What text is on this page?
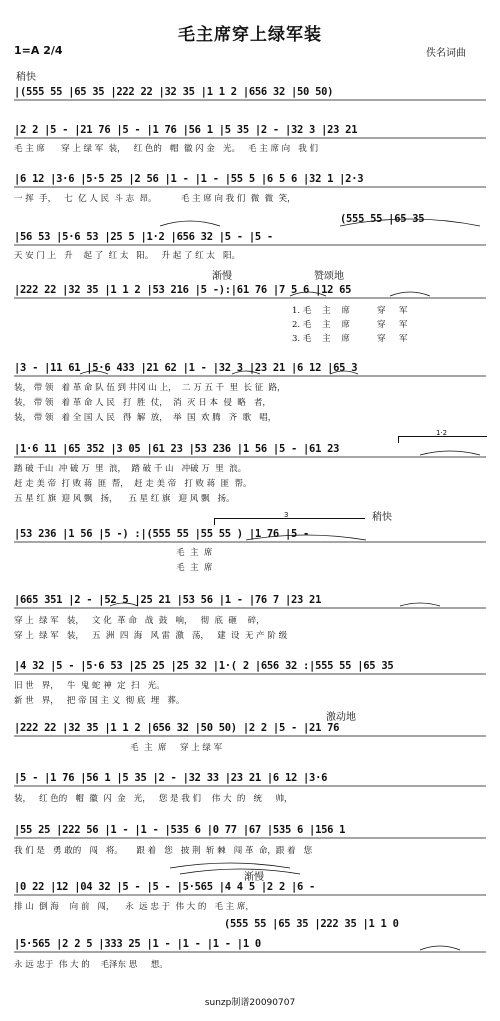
毛主席穿上绿军装
1=A 2/4	佚名词曲
稍快
渐慢	赞颂地
稍快
激动地
渐慢
1·2
3
|(555 55 |65 35 |222 22 |32 35 |1 1 2 |656 32 |50 50)
|2 2 |5 - |21 76 |5 - |1 76 |56 1 |5 35 |2 - |32 3 |23 21
毛 主 席      穿 上 绿 军  装，   红 色的   帽  徽 闪 金   光。   毛 主 席 向   我 们
|6 12 |3·6 |5·5 25 |2 56 |1 - |1 - |55 5 |6 5 6 |32 1 |2·3
一 挥  手，   七  亿 人 民  斗 志  昂。         毛 主 席 向 我 们  微  微  笑，
(555 55 |65 35
|56 53 |5·6 53 |25 5 |1·2 |656 32 |5 - |5 -
天 安 门 上   升    起 了  红 太   阳。   升 起 了 红 太   阳。
|222 22 |32 35 |1 1 2 |53 216 |5 -):|61 76 |7 5 6 |12 65
1. 毛    主    席          穿     军
2. 毛    主    席          穿     军
3. 毛    主    席          穿     军
|3 - |11 61 |5·6 433 |21 62 |1 - |32 3 |23 21 |6 12 |65 3
装， 带 领   着 革 命 队 伍 到 井冈 山 上，  二 万 五 千  里  长 征  路，
装， 带 领   着 革 命 人 民   打  胜  仗，  消  灭 日 本  侵  略   者，
装， 带 领   着 全 国 人 民   得  解  放，  举  国  欢 腾   齐  歌   唱，
|1·6 11 |65 352 |3 05 |61 23 |53 236 |1 56 |5 - |61 23
踏 破 千山  冲 破 万  里  浪，  踏 破 千 山   冲破 万  里  浪。
赶 走 美 帝  打 败 蒋  匪  帮，  赶 走 美 帝   打 败 蒋  匪  帮。
五 星 红 旗  迎 风 飘   扬，    五 星 红 旗   迎 风 飘   扬。
|53 236 |1 56 |5 -) :|(555 55 |55 55 ) |1 76 |5 -
毛  主  席
毛  主  席
|665 351 |2 - |52 5 |25 21 |53 56 |1 - |76 7 |23 21
穿 上  绿 军   装，   文 化  革 命   战  鼓   响，   彻  底  砸    碎，
穿 上  绿 军   装，   五  洲  四  海   风 雷  激   荡，   建  设  无 产 阶 级
|4 32 |5 - |5·6 53 |25 25 |25 32 |1·( 2 |656 32 :|555 55 |65 35
旧 世   界，   牛  鬼 蛇 神  定  扫   光。
新 世   界，   把 帝 国 主 义  彻 底  埋   葬。
|222 22 |32 35 |1 1 2 |656 32 |50 50) |2 2 |5 - |21 76
毛  主  席     穿 上 绿 军
|5 - |1 76 |56 1 |5 35 |2 - |32 33 |23 21 |6 12 |3·6
装，   红 色的   帽  徽  闪  金   光，   您 是 我 们    伟 大  的   统     帅，
|55 25 |222 56 |1 - |1 - |535 6 |0 77 |67 |535 6 |156 1
我 们 是   勇 敢的   闯   将。     跟 着   您   披 荆  斩 棘   闯 革  命，跟 着   您
|0 22 |12 |04 32 |5 - |5 - |5·565 |4 4 5 |2 2 |6 -
排 山  倒 海    向 前   闯，    永  远 忠 于  伟 大 的   毛 主 席，
(555 55 |65 35 |222 35 |1 1 0
|5·565 |2 2 5 |333 25 |1 - |1 - |1 - |1 0
永 远 忠于  伟 大 的    毛泽东 思     想。
sunzp制谱20090707
